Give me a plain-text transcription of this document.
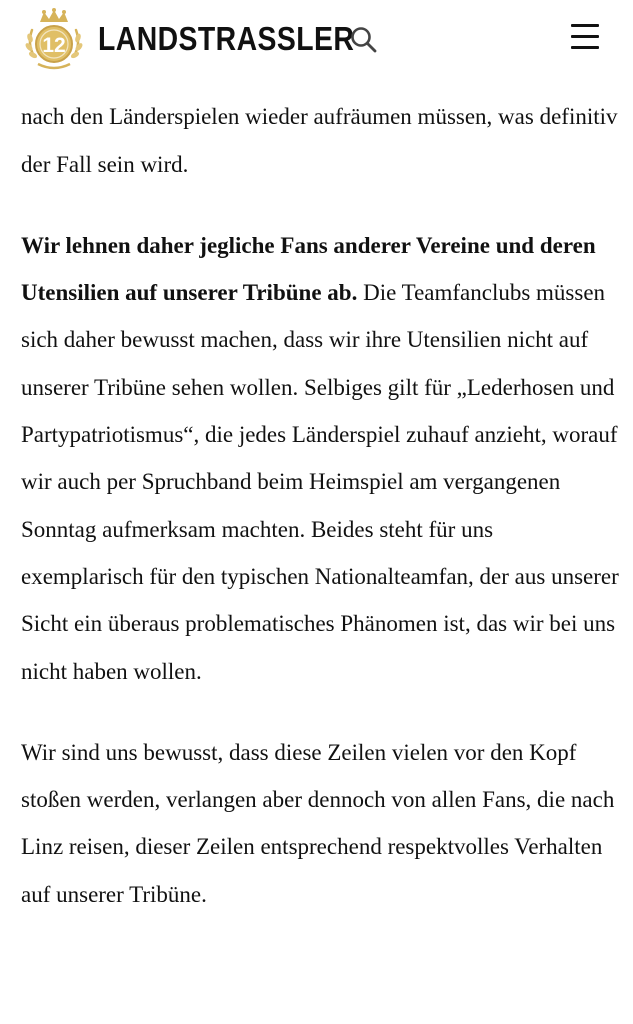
nach den Länderspielen wieder aufräumen müssen, was definitiv der Fall sein wird.

Wir lehnen daher jegliche Fans anderer Vereine und deren Utensilien auf unserer Tribüne ab. Die Teamfanclubs müssen sich daher bewusst machen, dass wir ihre Utensilien nicht auf unserer Tribüne sehen wollen. Selbiges gilt für „Lederhosen und Partypatriotismus“, die jedes Länderspiel zuhauf anzieht, worauf wir auch per Spruchband beim Heimspiel am vergangenen Sonntag aufmerksam machten. Beides steht für uns exemplarisch für den typischen Nationalteamfan, der aus unserer Sicht ein überaus problematisches Phänomen ist, das wir bei uns nicht haben wollen.

Wir sind uns bewusst, dass diese Zeilen vielen vor den Kopf stoßen werden, verlangen aber dennoch von allen Fans, die nach Linz reisen, dieser Zeilen entsprechend respektvolles Verhalten auf unserer Tribüne.

12 LANDSTRASSLER
